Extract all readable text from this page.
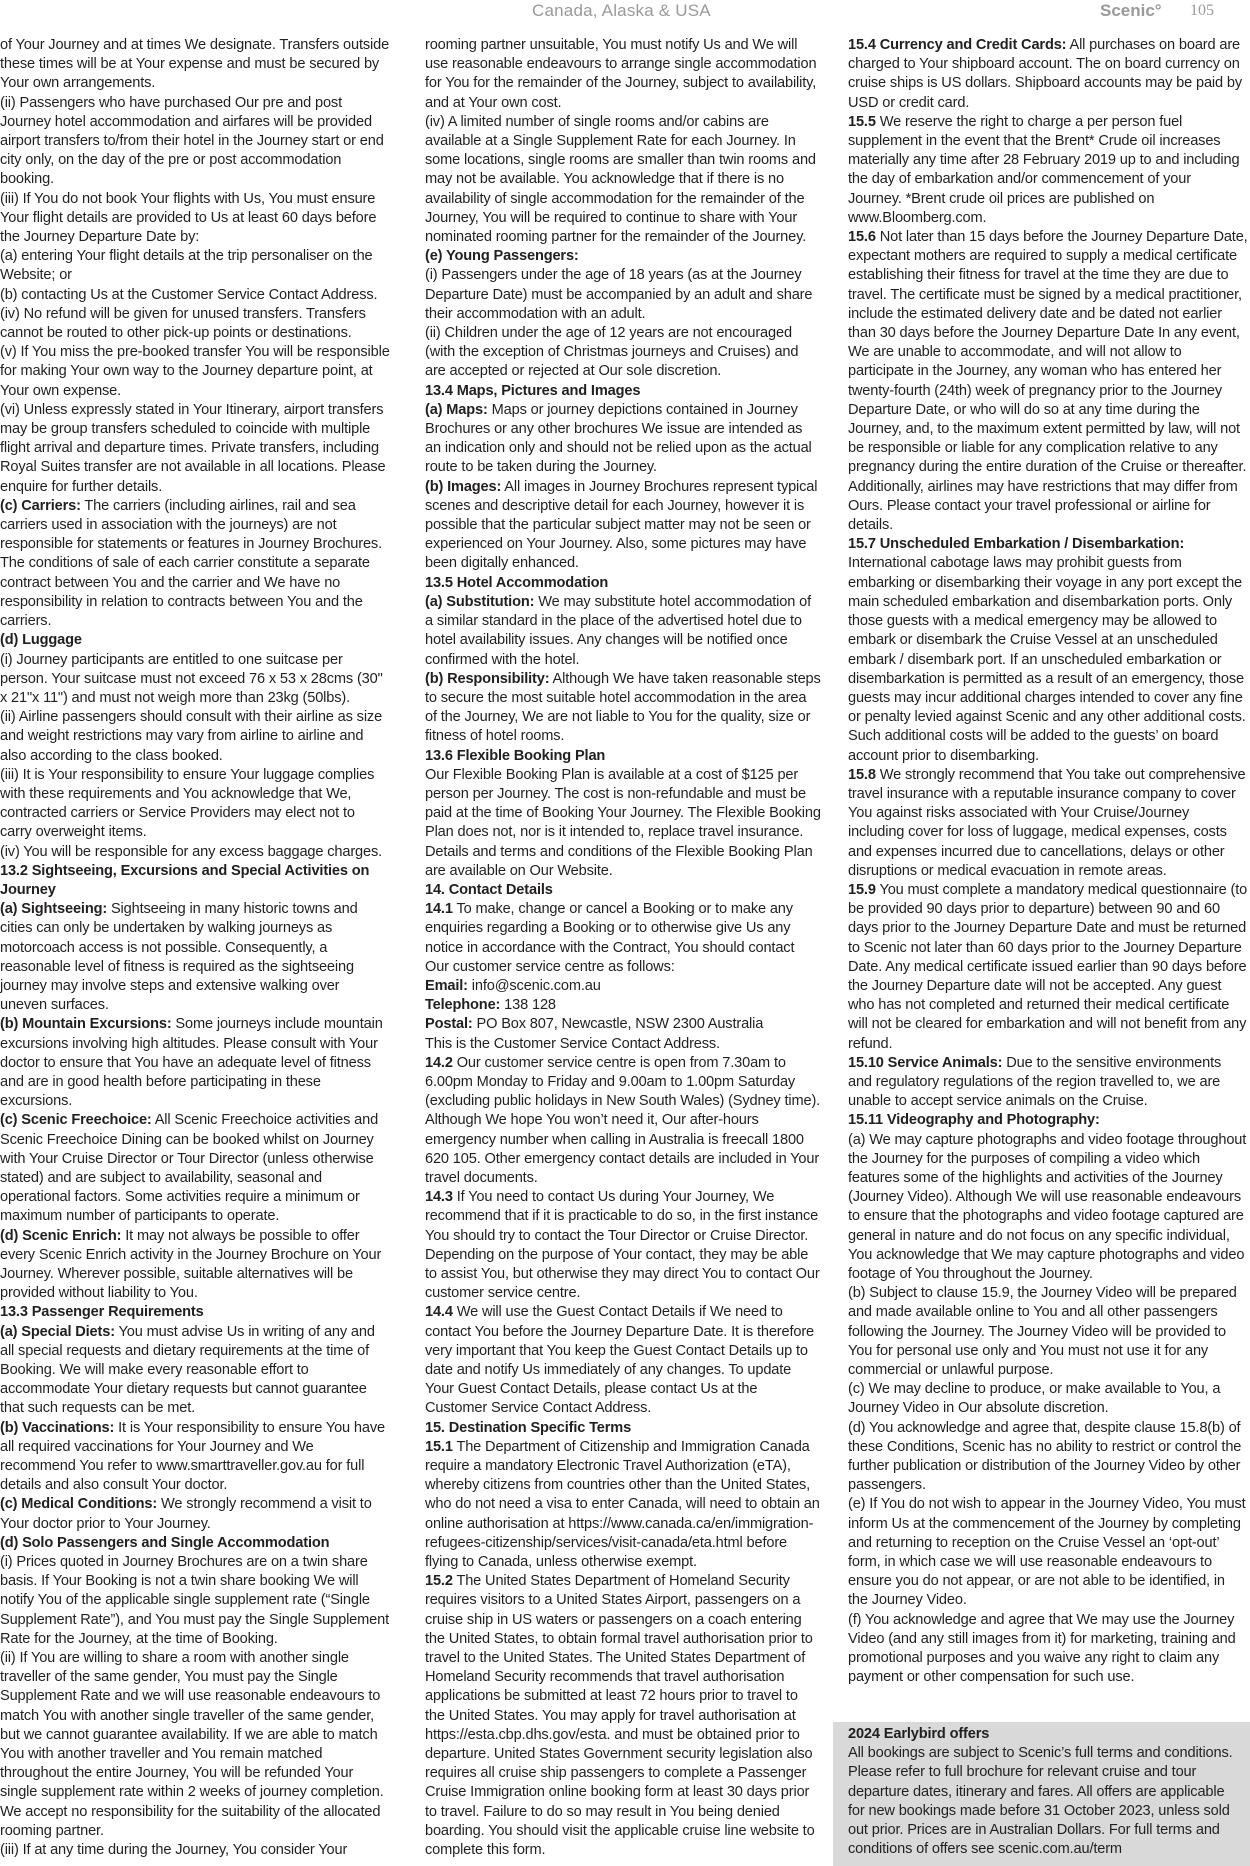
Canada, Alaska & USA	Scenic° 105

of Your Journey and at times We designate. Transfers outside these times will be at Your expense and must be secured by Your own arrangements.

(ii) Passengers who have purchased Our pre and post Journey hotel accommodation and airfares will be provided airport transfers to/from their hotel in the Journey start or end city only, on the day of the pre or post accommodation booking.

(iii) If You do not book Your flights with Us, You must ensure Your flight details are provided to Us at least 60 days before the Journey Departure Date by:

(a) entering Your flight details at the trip personaliser on the Website; or

(b) contacting Us at the Customer Service Contact Address.

(iv) No refund will be given for unused transfers. Transfers cannot be routed to other pick-up points or destinations.

(v) If You miss the pre-booked transfer You will be responsible for making Your own way to the Journey departure point, at Your own expense.

(vi) Unless expressly stated in Your Itinerary, airport transfers may be group transfers scheduled to coincide with multiple flight arrival and departure times. Private transfers, including Royal Suites transfer are not available in all locations. Please enquire for further details.

(c) Carriers: The carriers (including airlines, rail and sea carriers used in association with the journeys) are not responsible for statements or features in Journey Brochures. The conditions of sale of each carrier constitute a separate contract between You and the carrier and We have no responsibility in relation to contracts between You and the carriers.

(d) Luggage

(i) Journey participants are entitled to one suitcase per person. Your suitcase must not exceed 76 x 53 x 28cms (30" x 21"x 11") and must not weigh more than 23kg (50lbs).

(ii) Airline passengers should consult with their airline as size and weight restrictions may vary from airline to airline and also according to the class booked.

(iii) It is Your responsibility to ensure Your luggage complies with these requirements and You acknowledge that We, contracted carriers or Service Providers may elect not to carry overweight items.

(iv) You will be responsible for any excess baggage charges.

13.2 Sightseeing, Excursions and Special Activities on Journey

(a) Sightseeing: Sightseeing in many historic towns and cities can only be undertaken by walking journeys as motorcoach access is not possible. Consequently, a reasonable level of fitness is required as the sightseeing journey may involve steps and extensive walking over uneven surfaces.

(b) Mountain Excursions: Some journeys include mountain excursions involving high altitudes. Please consult with Your doctor to ensure that You have an adequate level of fitness and are in good health before participating in these excursions.

(c) Scenic Freechoice: All Scenic Freechoice activities and Scenic Freechoice Dining can be booked whilst on Journey with Your Cruise Director or Tour Director (unless otherwise stated) and are subject to availability, seasonal and operational factors. Some activities require a minimum or maximum number of participants to operate.

(d) Scenic Enrich: It may not always be possible to offer every Scenic Enrich activity in the Journey Brochure on Your Journey. Wherever possible, suitable alternatives will be provided without liability to You.

13.3 Passenger Requirements

(a) Special Diets: You must advise Us in writing of any and all special requests and dietary requirements at the time of Booking. We will make every reasonable effort to accommodate Your dietary requests but cannot guarantee that such requests can be met.

(b) Vaccinations: It is Your responsibility to ensure You have all required vaccinations for Your Journey and We recommend You refer to www.smarttraveller.gov.au for full details and also consult Your doctor.

(c) Medical Conditions: We strongly recommend a visit to Your doctor prior to Your Journey.

(d) Solo Passengers and Single Accommodation

(i) Prices quoted in Journey Brochures are on a twin share basis. If Your Booking is not a twin share booking We will notify You of the applicable single supplement rate (“Single Supplement Rate”), and You must pay the Single Supplement Rate for the Journey, at the time of Booking.

(ii) If You are willing to share a room with another single traveller of the same gender, You must pay the Single Supplement Rate and we will use reasonable endeavours to match You with another single traveller of the same gender, but we cannot guarantee availability. If we are able to match You with another traveller and You remain matched throughout the entire Journey, You will be refunded Your single supplement rate within 2 weeks of journey completion. We accept no responsibility for the suitability of the allocated rooming partner.

(iii) If at any time during the Journey, You consider Your

rooming partner unsuitable, You must notify Us and We will use reasonable endeavours to arrange single accommodation for You for the remainder of the Journey, subject to availability, and at Your own cost.

(iv) A limited number of single rooms and/or cabins are available at a Single Supplement Rate for each Journey. In some locations, single rooms are smaller than twin rooms and may not be available. You acknowledge that if there is no availability of single accommodation for the remainder of the Journey, You will be required to continue to share with Your nominated rooming partner for the remainder of the Journey.

(e) Young Passengers:

(i) Passengers under the age of 18 years (as at the Journey Departure Date) must be accompanied by an adult and share their accommodation with an adult.

(ii) Children under the age of 12 years are not encouraged (with the exception of Christmas journeys and Cruises) and are accepted or rejected at Our sole discretion.

13.4 Maps, Pictures and Images

(a) Maps: Maps or journey depictions contained in Journey Brochures or any other brochures We issue are intended as an indication only and should not be relied upon as the actual route to be taken during the Journey.

(b) Images: All images in Journey Brochures represent typical scenes and descriptive detail for each Journey, however it is possible that the particular subject matter may not be seen or experienced on Your Journey. Also, some pictures may have been digitally enhanced.

13.5 Hotel Accommodation

(a) Substitution: We may substitute hotel accommodation of a similar standard in the place of the advertised hotel due to hotel availability issues. Any changes will be notified once confirmed with the hotel.

(b) Responsibility: Although We have taken reasonable steps to secure the most suitable hotel accommodation in the area of the Journey, We are not liable to You for the quality, size or fitness of hotel rooms.

13.6 Flexible Booking Plan

Our Flexible Booking Plan is available at a cost of $125 per person per Journey. The cost is non-refundable and must be paid at the time of Booking Your Journey. The Flexible Booking Plan does not, nor is it intended to, replace travel insurance. Details and terms and conditions of the Flexible Booking Plan are available on Our Website.

14. Contact Details

14.1 To make, change or cancel a Booking or to make any enquiries regarding a Booking or to otherwise give Us any notice in accordance with the Contract, You should contact Our customer service centre as follows:

Email: info@scenic.com.au

Telephone: 138 128

Postal: PO Box 807, Newcastle, NSW 2300 Australia

This is the Customer Service Contact Address.

14.2 Our customer service centre is open from 7.30am to 6.00pm Monday to Friday and 9.00am to 1.00pm Saturday (excluding public holidays in New South Wales) (Sydney time). Although We hope You won’t need it, Our after-hours emergency number when calling in Australia is freecall 1800 620 105. Other emergency contact details are included in Your travel documents.

14.3 If You need to contact Us during Your Journey, We recommend that if it is practicable to do so, in the first instance You should try to contact the Tour Director or Cruise Director. Depending on the purpose of Your contact, they may be able to assist You, but otherwise they may direct You to contact Our customer service centre.

14.4 We will use the Guest Contact Details if We need to contact You before the Journey Departure Date. It is therefore very important that You keep the Guest Contact Details up to date and notify Us immediately of any changes. To update Your Guest Contact Details, please contact Us at the Customer Service Contact Address.

15. Destination Specific Terms

15.1 The Department of Citizenship and Immigration Canada require a mandatory Electronic Travel Authorization (eTA), whereby citizens from countries other than the United States, who do not need a visa to enter Canada, will need to obtain an online authorisation at https://www.canada.ca/en/immigration-refugees-citizenship/services/visit-canada/eta.html before flying to Canada, unless otherwise exempt.

15.2 The United States Department of Homeland Security requires visitors to a United States Airport, passengers on a cruise ship in US waters or passengers on a coach entering the United States, to obtain formal travel authorisation prior to travel to the United States. The United States Department of Homeland Security recommends that travel authorisation applications be submitted at least 72 hours prior to travel to the United States. You may apply for travel authorisation at https://esta.cbp.dhs.gov/esta. and must be obtained prior to departure. United States Government security legislation also requires all cruise ship passengers to complete a Passenger Cruise Immigration online booking form at least 30 days prior to travel. Failure to do so may result in You being denied boarding. You should visit the applicable cruise line website to complete this form.

15.4 Currency and Credit Cards: All purchases on board are charged to Your shipboard account. The on board currency on cruise ships is US dollars. Shipboard accounts may be paid by USD or credit card.

15.5 We reserve the right to charge a per person fuel supplement in the event that the Brent* Crude oil increases materially any time after 28 February 2019 up to and including the day of embarkation and/or commencement of your Journey. *Brent crude oil prices are published on www.Bloomberg.com.

15.6 Not later than 15 days before the Journey Departure Date, expectant mothers are required to supply a medical certificate establishing their fitness for travel at the time they are due to travel. The certificate must be signed by a medical practitioner, include the estimated delivery date and be dated not earlier than 30 days before the Journey Departure Date In any event, We are unable to accommodate, and will not allow to participate in the Journey, any woman who has entered her twenty-fourth (24th) week of pregnancy prior to the Journey Departure Date, or who will do so at any time during the Journey, and, to the maximum extent permitted by law, will not be responsible or liable for any complication relative to any pregnancy during the entire duration of the Cruise or thereafter. Additionally, airlines may have restrictions that may differ from Ours. Please contact your travel professional or airline for details.

15.7 Unscheduled Embarkation / Disembarkation:

International cabotage laws may prohibit guests from embarking or disembarking their voyage in any port except the main scheduled embarkation and disembarkation ports. Only those guests with a medical emergency may be allowed to embark or disembark the Cruise Vessel at an unscheduled embark / disembark port. If an unscheduled embarkation or disembarkation is permitted as a result of an emergency, those guests may incur additional charges intended to cover any fine or penalty levied against Scenic and any other additional costs. Such additional costs will be added to the guests’ on board account prior to disembarking.

15.8 We strongly recommend that You take out comprehensive travel insurance with a reputable insurance company to cover You against risks associated with Your Cruise/Journey including cover for loss of luggage, medical expenses, costs and expenses incurred due to cancellations, delays or other disruptions or medical evacuation in remote areas.

15.9 You must complete a mandatory medical questionnaire (to be provided 90 days prior to departure) between 90 and 60 days prior to the Journey Departure Date and must be returned to Scenic not later than 60 days prior to the Journey Departure Date. Any medical certificate issued earlier than 90 days before the Journey Departure date will not be accepted. Any guest who has not completed and returned their medical certificate will not be cleared for embarkation and will not benefit from any refund.

15.10 Service Animals: Due to the sensitive environments and regulatory regulations of the region travelled to, we are unable to accept service animals on the Cruise.

15.11 Videography and Photography:

(a) We may capture photographs and video footage throughout the Journey for the purposes of compiling a video which features some of the highlights and activities of the Journey (Journey Video). Although We will use reasonable endeavours to ensure that the photographs and video footage captured are general in nature and do not focus on any specific individual, You acknowledge that We may capture photographs and video footage of You throughout the Journey.

(b) Subject to clause 15.9, the Journey Video will be prepared and made available online to You and all other passengers following the Journey. The Journey Video will be provided to You for personal use only and You must not use it for any commercial or unlawful purpose.

(c) We may decline to produce, or make available to You, a Journey Video in Our absolute discretion.

(d) You acknowledge and agree that, despite clause 15.8(b) of these Conditions, Scenic has no ability to restrict or control the further publication or distribution of the Journey Video by other passengers.

(e) If You do not wish to appear in the Journey Video, You must inform Us at the commencement of the Journey by completing and returning to reception on the Cruise Vessel an ‘opt-out’ form, in which case we will use reasonable endeavours to ensure you do not appear, or are not able to be identified, in the Journey Video.

(f) You acknowledge and agree that We may use the Journey Video (and any still images from it) for marketing, training and promotional purposes and you waive any right to claim any payment or other compensation for such use.

2024 Earlybird offers

All bookings are subject to Scenic’s full terms and conditions. Please refer to full brochure for relevant cruise and tour departure dates, itinerary and fares. All offers are applicable for new bookings made before 31 October 2023, unless sold out prior. Prices are in Australian Dollars. For full terms and conditions of offers see scenic.com.au/term
